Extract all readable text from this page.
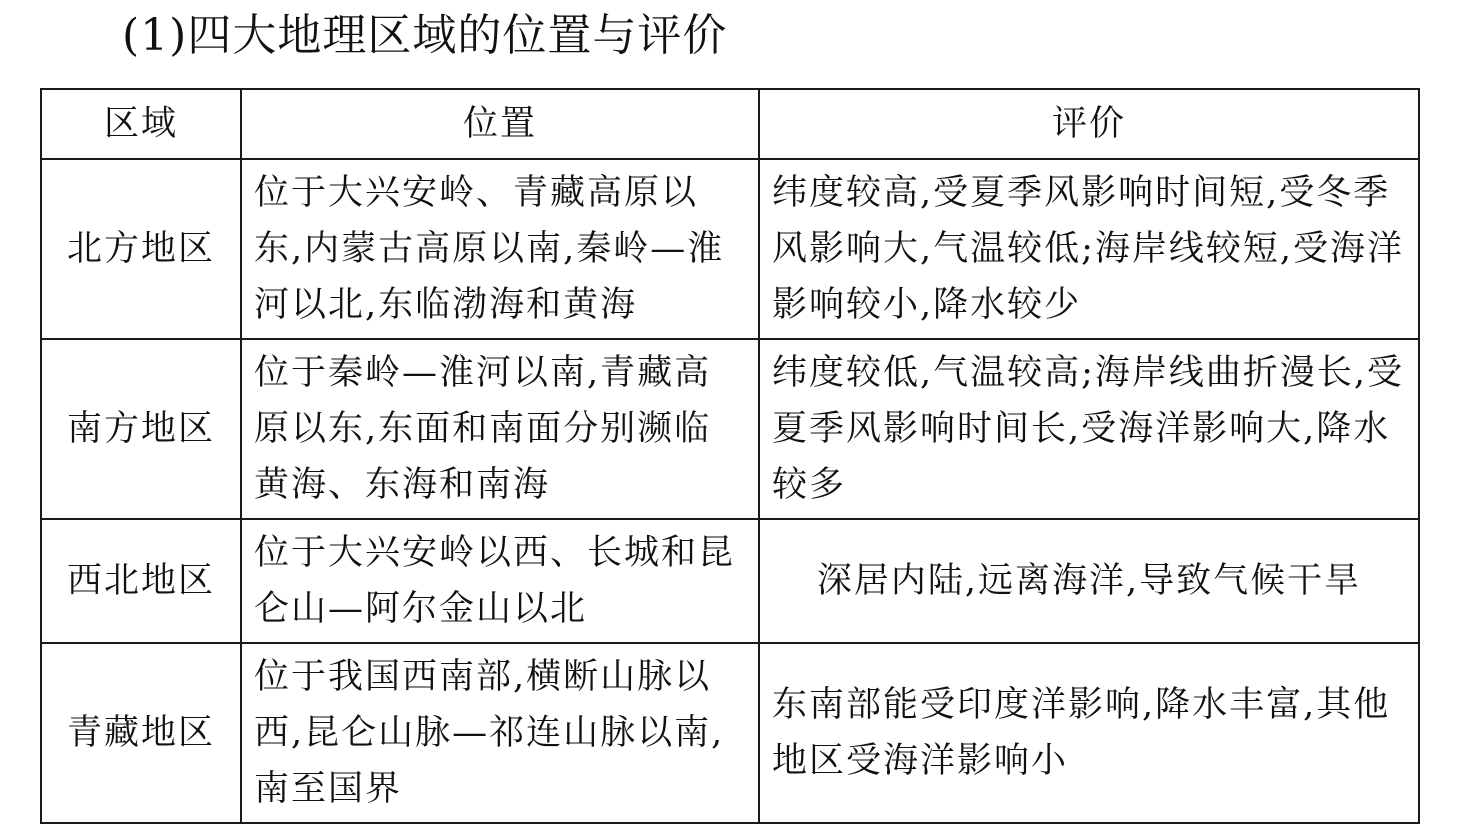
(1)四大地理区域的位置与评价
区域	位置	评价
北方地区	位于大兴安岭、青藏高原以东,内蒙古高原以南,秦岭—淮河以北,东临渤海和黄海	纬度较高,受夏季风影响时间短,受冬季风影响大,气温较低;海岸线较短,受海洋影响较小,降水较少
南方地区	位于秦岭—淮河以南,青藏高原以东,东面和南面分别濒临黄海、东海和南海	纬度较低,气温较高;海岸线曲折漫长,受夏季风影响时间长,受海洋影响大,降水较多
西北地区	位于大兴安岭以西、长城和昆仑山—阿尔金山以北	深居内陆,远离海洋,导致气候干旱
青藏地区	位于我国西南部,横断山脉以西,昆仑山脉—祁连山脉以南,南至国界	东南部能受印度洋影响,降水丰富,其他地区受海洋影响小
